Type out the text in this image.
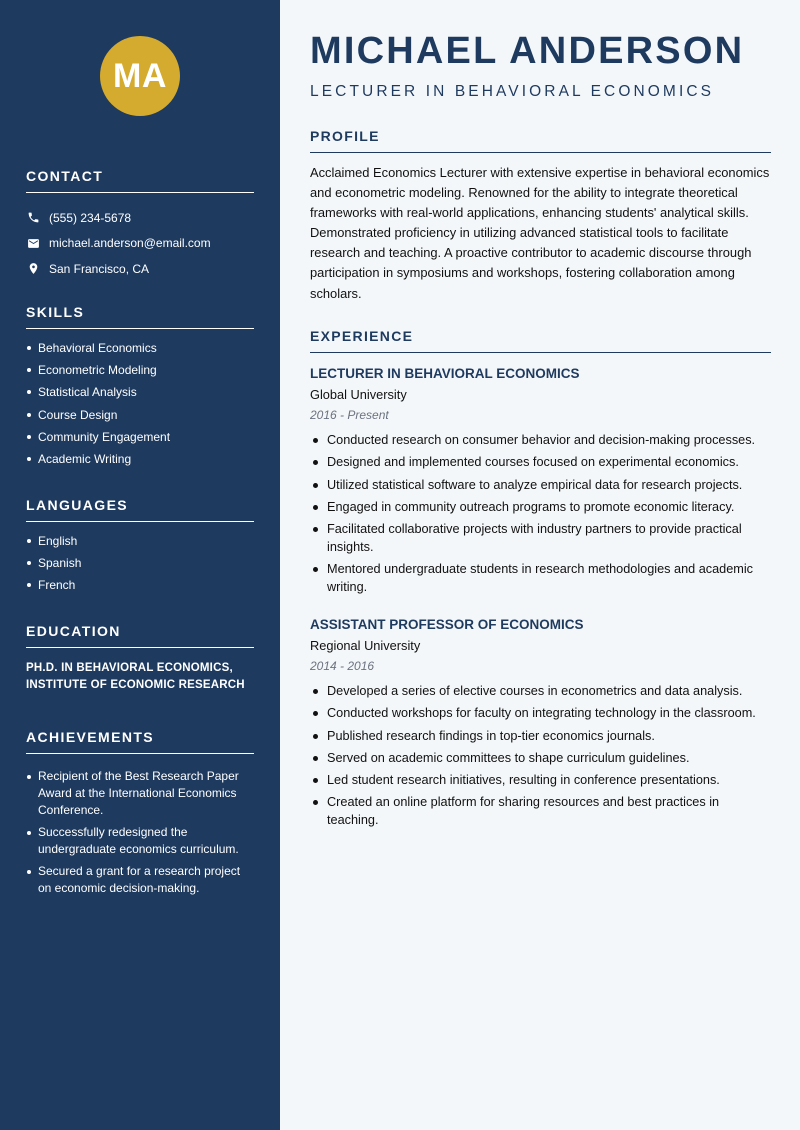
MA
CONTACT
(555) 234-5678
michael.anderson@email.com
San Francisco, CA
SKILLS
Behavioral Economics
Econometric Modeling
Statistical Analysis
Course Design
Community Engagement
Academic Writing
LANGUAGES
English
Spanish
French
EDUCATION
PH.D. IN BEHAVIORAL ECONOMICS, INSTITUTE OF ECONOMIC RESEARCH
ACHIEVEMENTS
Recipient of the Best Research Paper Award at the International Economics Conference.
Successfully redesigned the undergraduate economics curriculum.
Secured a grant for a research project on economic decision-making.
MICHAEL ANDERSON
LECTURER IN BEHAVIORAL ECONOMICS
PROFILE

Acclaimed Economics Lecturer with extensive expertise in behavioral economics and econometric modeling. Renowned for the ability to integrate theoretical frameworks with real-world applications, enhancing students' analytical skills. Demonstrated proficiency in utilizing advanced statistical tools to facilitate research and teaching. A proactive contributor to academic discourse through participation in symposiums and workshops, fostering collaboration among scholars.

EXPERIENCE
LECTURER IN BEHAVIORAL ECONOMICS
Global University
2016 - Present
Conducted research on consumer behavior and decision-making processes.
Designed and implemented courses focused on experimental economics.
Utilized statistical software to analyze empirical data for research projects.
Engaged in community outreach programs to promote economic literacy.
Facilitated collaborative projects with industry partners to provide practical insights.
Mentored undergraduate students in research methodologies and academic writing.
ASSISTANT PROFESSOR OF ECONOMICS
Regional University
2014 - 2016
Developed a series of elective courses in econometrics and data analysis.
Conducted workshops for faculty on integrating technology in the classroom.
Published research findings in top-tier economics journals.
Served on academic committees to shape curriculum guidelines.
Led student research initiatives, resulting in conference presentations.
Created an online platform for sharing resources and best practices in teaching.
